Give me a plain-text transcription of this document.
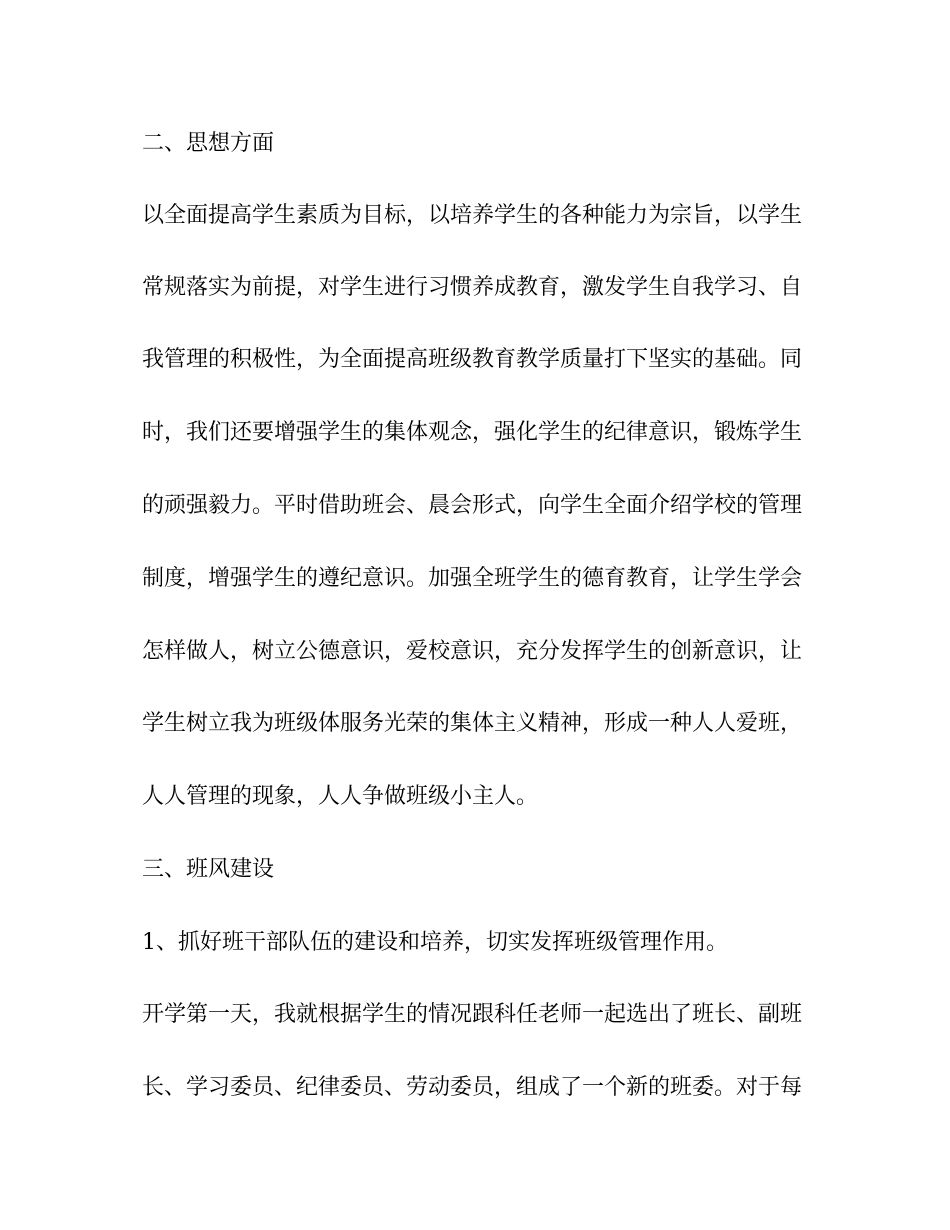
二、思想方面
以全面提高学生素质为目标，以培养学生的各种能力为宗旨，以学生
常规落实为前提，对学生进行习惯养成教育，激发学生自我学习、自
我管理的积极性，为全面提高班级教育教学质量打下坚实的基础。同
时，我们还要增强学生的集体观念，强化学生的纪律意识，锻炼学生
的顽强毅力。平时借助班会、晨会形式，向学生全面介绍学校的管理
制度，增强学生的遵纪意识。加强全班学生的德育教育，让学生学会
怎样做人，树立公德意识，爱校意识，充分发挥学生的创新意识，让
学生树立我为班级体服务光荣的集体主义精神，形成一种人人爱班，
人人管理的现象，人人争做班级小主人。
三、班风建设
1、抓好班干部队伍的建设和培养，切实发挥班级管理作用。
开学第一天，我就根据学生的情况跟科任老师一起选出了班长、副班
长、学习委员、纪律委员、劳动委员，组成了一个新的班委。对于每
